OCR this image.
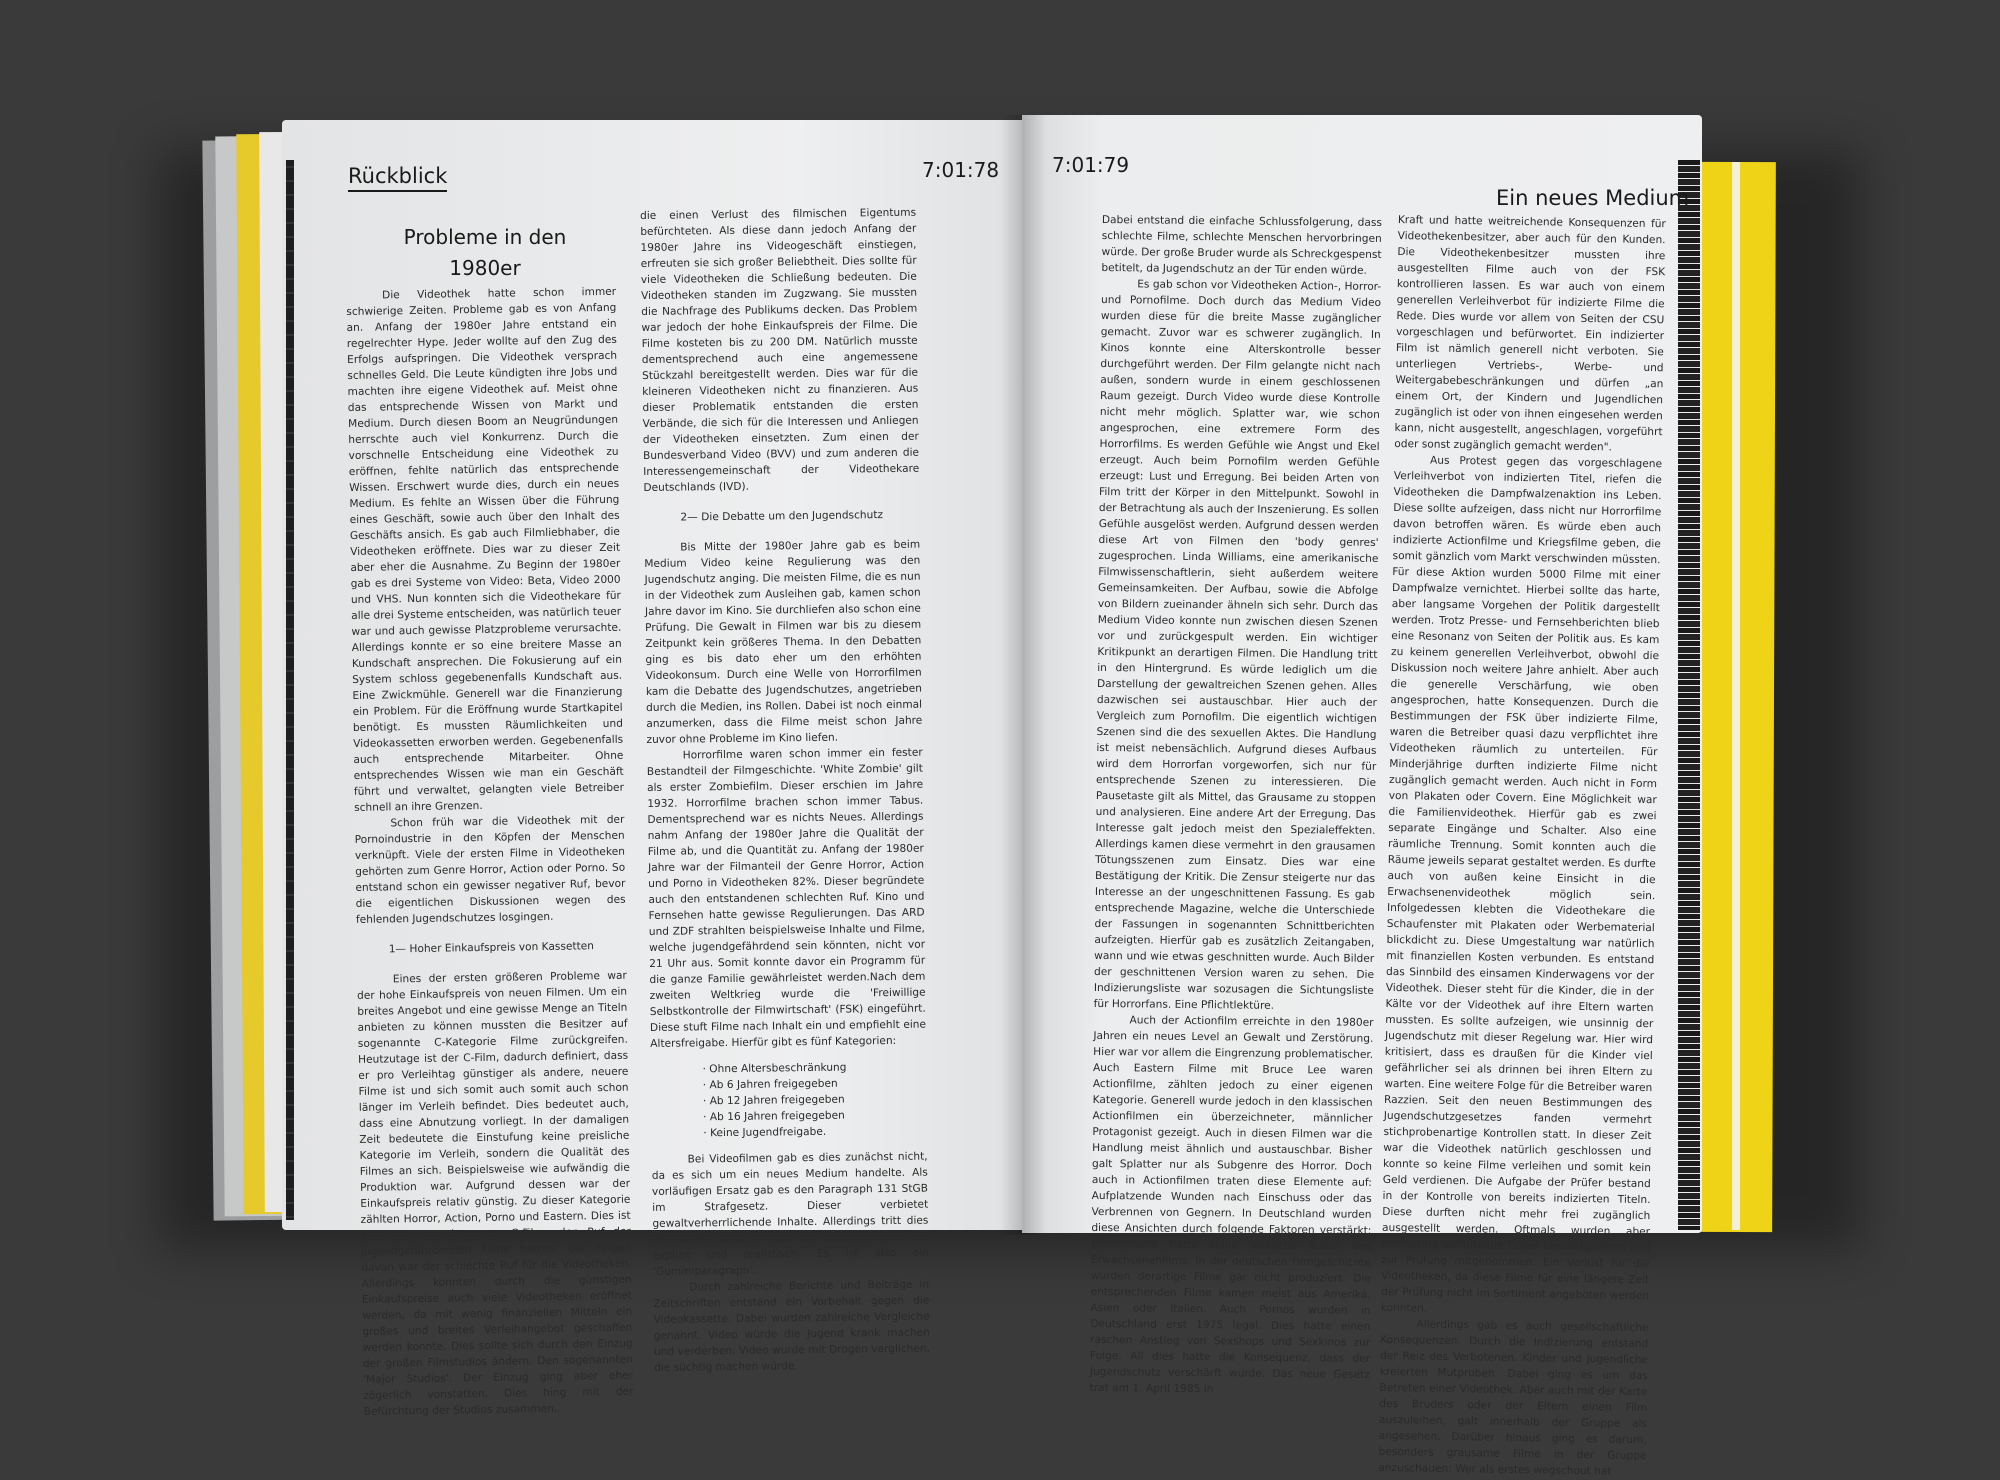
Rückblick	7:01:78	7:01:79
Ein neues Medium
Probleme in den 1980er

Die Videothek hatte schon immer schwierige Zeiten. Probleme gab es von Anfang an. Anfang der 1980er Jahre entstand ein regelrechter Hype. Jeder wollte auf den Zug des Erfolgs aufspringen. Die Videothek versprach schnelles Geld. Die Leute kündigten ihre Jobs und machten ihre eigene Videothek auf. Meist ohne das entsprechende Wissen von Markt und Medium. Durch diesen Boom an Neugründungen herrschte auch viel Konkurrenz. Durch die vorschnelle Entscheidung eine Videothek zu eröffnen, fehlte natürlich das entsprechende Wissen. Erschwert wurde dies, durch ein neues Medium. Es fehlte an Wissen über die Führung eines Geschäft, sowie auch über den Inhalt des Geschäfts ansich. Es gab auch Filmliebhaber, die Videotheken eröffnete. Dies war zu dieser Zeit aber eher die Ausnahme. Zu Beginn der 1980er gab es drei Systeme von Video: Beta, Video 2000 und VHS. Nun konnten sich die Videothekare für alle drei Systeme entscheiden, was natürlich teuer war und auch gewisse Platzprobleme verursachte. Allerdings konnte er so eine breitere Masse an Kundschaft ansprechen. Die Fokusierung auf ein System schloss gegebenenfalls Kundschaft aus. Eine Zwickmühle. Generell war die Finanzierung ein Problem. Für die Eröffnung wurde Startkapitel benötigt. Es mussten Räumlichkeiten und Videokassetten erworben werden. Gegebenenfalls auch entsprechende Mitarbeiter. Ohne entsprechendes Wissen wie man ein Geschäft führt und verwaltet, gelangten viele Betreiber schnell an ihre Grenzen.

Schon früh war die Videothek mit der Pornoindustrie in den Köpfen der Menschen verknüpft. Viele der ersten Filme in Videotheken gehörten zum Genre Horror, Action oder Porno. So entstand schon ein gewisser negativer Ruf, bevor die eigentlichen Diskussionen wegen des fehlenden Jugendschutzes losgingen.

1— Hoher Einkaufspreis von Kassetten

Eines der ersten größeren Probleme war der hohe Einkaufspreis von neuen Filmen. Um ein breites Angebot und eine gewisse Menge an Titeln anbieten zu können mussten die Besitzer auf sogenannte C-Kategorie Filme zurückgreifen. Heutzutage ist der C-Film, dadurch definiert, dass er pro Verleihtag günstiger als andere, neuere Filme ist und sich somit auch somit auch schon länger im Verleih befindet. Dies bedeutet auch, dass eine Abnutzung vorliegt. In der damaligen Zeit bedeutete die Einstufung keine preisliche Kategorie im Verleih, sondern die Qualität des Filmes an sich. Beispielsweise wie aufwändig die Produktion war. Aufgrund dessen war der Einkaufspreis relativ günstig. Zu dieser Kategorie zählten Horror, Action, Porno und Eastern. Dies ist auch der Grund, warum C-Filme den Ruf der jugendgefährdenden Filme hatten. Die Folgen davon war der schlechte Ruf für die Videotheken. Allerdings konnten durch die günstigen Einkaufspreise auch viele Videotheken eröffnet werden, da mit wenig finanziellen Mitteln ein großes und breites Verleihangebot geschaffen werden konnte. Dies sollte sich durch den Einzug der großen Filmstudios ändern. Den sogenannten 'Major Studios'. Der Einzug ging aber eher zögerlich vonstatten. Dies hing mit der Befürchtung der Studios zusammen,

die einen Verlust des filmischen Eigentums befürchteten. Als diese dann jedoch Anfang der 1980er Jahre ins Videogeschäft einstiegen, erfreuten sie sich großer Beliebtheit. Dies sollte für viele Videotheken die Schließung bedeuten. Die Videotheken standen im Zugzwang. Sie mussten die Nachfrage des Publikums decken. Das Problem war jedoch der hohe Einkaufspreis der Filme. Die Filme kosteten bis zu 200 DM. Natürlich musste dementsprechend auch eine angemessene Stückzahl bereitgestellt werden. Dies war für die kleineren Videotheken nicht zu finanzieren. Aus dieser Problematik entstanden die ersten Verbände, die sich für die Interessen und Anliegen der Videotheken einsetzten. Zum einen der Bundesverband Video (BVV) und zum anderen die Interessengemeinschaft der Videothekare Deutschlands (IVD).

2— Die Debatte um den Jugendschutz

Bis Mitte der 1980er Jahre gab es beim Medium Video keine Regulierung was den Jugendschutz anging. Die meisten Filme, die es nun in der Videothek zum Ausleihen gab, kamen schon Jahre davor im Kino. Sie durchliefen also schon eine Prüfung. Die Gewalt in Filmen war bis zu diesem Zeitpunkt kein größeres Thema. In den Debatten ging es bis dato eher um den erhöhten Videokonsum. Durch eine Welle von Horrorfilmen kam die Debatte des Jugendschutzes, angetrieben durch die Medien, ins Rollen. Dabei ist noch einmal anzumerken, dass die Filme meist schon Jahre zuvor ohne Probleme im Kino liefen.

Horrorfilme waren schon immer ein fester Bestandteil der Filmgeschichte. 'White Zombie' gilt als erster Zombiefilm. Dieser erschien im Jahre 1932. Horrorfilme brachen schon immer Tabus. Dementsprechend war es nichts Neues. Allerdings nahm Anfang der 1980er Jahre die Qualität der Filme ab, und die Quantität zu. Anfang der 1980er Jahre war der Filmanteil der Genre Horror, Action und Porno in Videotheken 82%. Dieser begründete auch den entstandenen schlechten Ruf. Kino und Fernsehen hatte gewisse Regulierungen. Das ARD und ZDF strahlten beispielsweise Inhalte und Filme, welche jugendgefährdend sein könnten, nicht vor 21 Uhr aus. Somit konnte davor ein Programm für die ganze Familie gewährleistet werden.Nach dem zweiten Weltkrieg wurde die 'Freiwillige Selbstkontrolle der Filmwirtschaft' (FSK) eingeführt. Diese stuft Filme nach Inhalt ein und empfiehlt eine Altersfreigabe. Hierfür gibt es fünf Kategorien:

· Ohne Altersbeschränkung
· Ab 6 Jahren freigegeben
· Ab 12 Jahren freigegeben
· Ab 16 Jahren freigegeben
· Keine Jugendfreigabe.

Bei Videofilmen gab es dies zunächst nicht, da es sich um ein neues Medium handelte. Als vorläufigen Ersatz gab es den Paragraph 131 StGB im Strafgesetz. Dieser verbietet gewaltverherrlichende Inhalte. Allerdings tritt dies bei Filmen nicht in Kraft. Die Darstellung ist nur explizit und realistisch. Es ist also ein 'Gummiparagraph'.

Durch zahlreiche Berichte und Beiträge in Zeitschriften entstand ein Vorbehalt gegen die Videokassette. Dabei wurden zahlreiche Vergleiche genannt. Video würde die Jugend krank machen und verderben. Video wurde mit Drogen verglichen, die süchtig machen würde.

Dabei entstand die einfache Schlussfolgerung, dass schlechte Filme, schlechte Menschen hervorbringen würde. Der große Bruder wurde als Schreckgespenst betitelt, da Jugendschutz an der Tür enden würde.

Es gab schon vor Videotheken Action-, Horror- und Pornofilme. Doch durch das Medium Video wurden diese für die breite Masse zugänglicher gemacht. Zuvor war es schwerer zugänglich. In Kinos konnte eine Alterskontrolle besser durchgeführt werden. Der Film gelangte nicht nach außen, sondern wurde in einem geschlossenen Raum gezeigt. Durch Video wurde diese Kontrolle nicht mehr möglich. Splatter war, wie schon angesprochen, eine extremere Form des Horrorfilms. Es werden Gefühle wie Angst und Ekel erzeugt. Auch beim Pornofilm werden Gefühle erzeugt: Lust und Erregung. Bei beiden Arten von Film tritt der Körper in den Mittelpunkt. Sowohl in der Betrachtung als auch der Inszenierung. Es sollen Gefühle ausgelöst werden. Aufgrund dessen werden diese Art von Filmen den 'body genres' zugesprochen. Linda Williams, eine amerikanische Filmwissenschaftlerin, sieht außerdem weitere Gemeinsamkeiten. Der Aufbau, sowie die Abfolge von Bildern zueinander ähneln sich sehr. Durch das Medium Video konnte nun zwischen diesen Szenen vor und zurückgespult werden. Ein wichtiger Kritikpunkt an derartigen Filmen. Die Handlung tritt in den Hintergrund. Es würde lediglich um die Darstellung der gewaltreichen Szenen gehen. Alles dazwischen sei austauschbar. Hier auch der Vergleich zum Pornofilm. Die eigentlich wichtigen Szenen sind die des sexuellen Aktes. Die Handlung ist meist nebensächlich. Aufgrund dieses Aufbaus wird dem Horrorfan vorgeworfen, sich nur für entsprechende Szenen zu interessieren. Die Pausetaste gilt als Mittel, das Grausame zu stoppen und analysieren. Eine andere Art der Erregung. Das Interesse galt jedoch meist den Spezialeffekten. Allerdings kamen diese vermehrt in den grausamen Tötungsszenen zum Einsatz. Dies war eine Bestätigung der Kritik. Die Zensur steigerte nur das Interesse an der ungeschnittenen Fassung. Es gab entsprechende Magazine, welche die Unterschiede der Fassungen in sogenannten Schnittberichten aufzeigten. Hierfür gab es zusätzlich Zeitangaben, wann und wie etwas geschnitten wurde. Auch Bilder der geschnittenen Version waren zu sehen. Die Indizierungsliste war sozusagen die Sichtungsliste für Horrorfans. Eine Pflichtlektüre.

Auch der Actionfilm erreichte in den 1980er Jahren ein neues Level an Gewalt und Zerstörung. Hier war vor allem die Eingrenzung problematischer. Auch Eastern Filme mit Bruce Lee waren Actionfilme, zählten jedoch zu einer eigenen Kategorie. Generell wurde jedoch in den klassischen Actionfilmen ein überzeichneter, männlicher Protagonist gezeigt. Auch in diesen Filmen war die Handlung meist ähnlich und austauschbar. Bisher galt Splatter nur als Subgenre des Horror. Doch auch in Actionfilmen traten diese Elemente auf: Aufplatzende Wunden nach Einschuss oder das Verbrennen von Gegnern. In Deutschland wurden diese Ansichten durch folgende Faktoren verstärkt: Deutschland hatte keine wirkliche Kultur des Erwachsenenfilms. In der deutschen Filmgeschichte wurden derartige Filme gar nicht produziert. Die entsprechenden Filme kamen meist aus Amerika, Asien oder Italien. Auch Pornos wurden in Deutschland erst 1975 legal. Dies hatte einen raschen Anstieg von Sexshops und Sexkinos zur Folge. All dies hatte die Konsequenz, dass der Jugendschutz verschärft wurde. Das neue Gesetz trat am 1. April 1985 in

Kraft und hatte weitreichende Konsequenzen für Videothekenbesitzer, aber auch für den Kunden. Die Videothekenbesitzer mussten ihre ausgestellten Filme auch von der FSK kontrollieren lassen. Es war auch von einem generellen Verleihverbot für indizierte Filme die Rede. Dies wurde vor allem von Seiten der CSU vorgeschlagen und befürwortet. Ein indizierter Film ist nämlich generell nicht verboten. Sie unterliegen Vertriebs-, Werbe- und Weitergabebeschränkungen und dürfen „an einem Ort, der Kindern und Jugendlichen zugänglich ist oder von ihnen eingesehen werden kann, nicht ausgestellt, angeschlagen, vorgeführt oder sonst zugänglich gemacht werden".

Aus Protest gegen das vorgeschlagene Verleihverbot von indizierten Titel, riefen die Videotheken die Dampfwalzenaktion ins Leben. Diese sollte aufzeigen, dass nicht nur Horrorfilme davon betroffen wären. Es würde eben auch indizierte Actionfilme und Kriegsfilme geben, die somit gänzlich vom Markt verschwinden müssten. Für diese Aktion wurden 5000 Filme mit einer Dampfwalze vernichtet. Hierbei sollte das harte, aber langsame Vorgehen der Politik dargestellt werden. Trotz Presse- und Fernsehberichten blieb eine Resonanz von Seiten der Politik aus. Es kam zu keinem generellen Verleihverbot, obwohl die Diskussion noch weitere Jahre anhielt. Aber auch die generelle Verschärfung, wie oben angesprochen, hatte Konsequenzen. Durch die Bestimmungen der FSK über indizierte Filme, waren die Betreiber quasi dazu verpflichtet ihre Videotheken räumlich zu unterteilen. Für Minderjährige durften indizierte Filme nicht zugänglich gemacht werden. Auch nicht in Form von Plakaten oder Covern. Eine Möglichkeit war die Familienvideothek. Hierfür gab es zwei separate Eingänge und Schalter. Also eine räumliche Trennung. Somit konnten auch die Räume jeweils separat gestaltet werden. Es durfte auch von außen keine Einsicht in die Erwachsenenvideothek möglich sein. Infolgedessen klebten die Videothekare die Schaufenster mit Plakaten oder Werbematerial blickdicht zu. Diese Umgestaltung war natürlich mit finanziellen Kosten verbunden. Es entstand das Sinnbild des einsamen Kinderwagens vor der Videothek. Dieser steht für die Kinder, die in der Kälte vor der Videothek auf ihre Eltern warten mussten. Es sollte aufzeigen, wie unsinnig der Jugendschutz mit dieser Regelung war. Hier wird kritisiert, dass es draußen für die Kinder viel gefährlicher sei als drinnen bei ihren Eltern zu warten. Eine weitere Folge für die Betreiber waren Razzien. Seit den neuen Bestimmungen des Jugendschutzgesetzes fanden vermehrt stichprobenartige Kontrollen statt. In dieser Zeit war die Videothek natürlich geschlossen und konnte so keine Filme verleihen und somit kein Geld verdienen. Die Aufgabe der Prüfer bestand in der Kontrolle von bereits indizierten Titeln. Diese durften nicht mehr frei zugänglich ausgestellt werden. Oftmals wurden aber verdächtig anmutende Cover beschlagnahmt und zur Prüfung mitgenommen. Ein Verlust für die Videotheken, da diese Filme für eine längere Zeit der Prüfung nicht im Sortiment angeboten werden konnten.

Allerdings gab es auch gesellschaftliche Konsequenzen. Durch die Indizierung entstand der Reiz des Verbotenen. Kinder und Jugendliche kreierten Mutproben. Dabei ging es um das Betreten einer Videothek. Aber auch mit der Karte des Bruders oder der Eltern einen Film auszuleihen, galt innerhalb der Gruppe als angesehen. Darüber hinaus ging es darum, besonders grausame Filme in der Gruppe anzuschauen: Wer als erstes wegschout hat
